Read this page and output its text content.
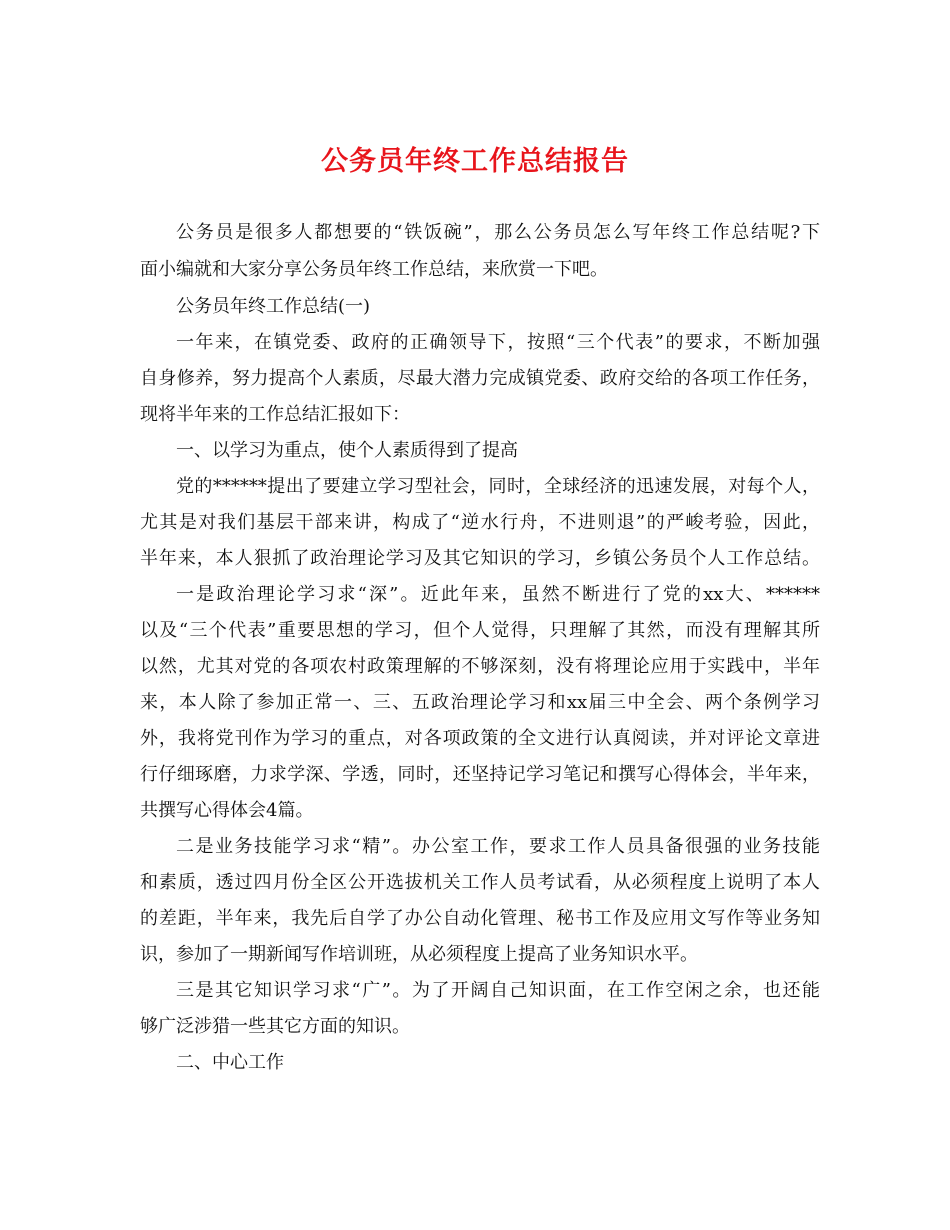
公务员年终工作总结报告
公务员是很多人都想要的“铁饭碗”，那么公务员怎么写年终工作总结呢?下
面小编就和大家分享公务员年终工作总结，来欣赏一下吧。
公务员年终工作总结(一)
一年来，在镇党委、政府的正确领导下，按照“三个代表”的要求，不断加强
自身修养，努力提高个人素质，尽最大潜力完成镇党委、政府交给的各项工作任务，
现将半年来的工作总结汇报如下：
一、以学习为重点，使个人素质得到了提高
党的******提出了要建立学习型社会，同时，全球经济的迅速发展，对每个人，
尤其是对我们基层干部来讲，构成了“逆水行舟，不进则退”的严峻考验，因此，
半年来，本人狠抓了政治理论学习及其它知识的学习，乡镇公务员个人工作总结。
一是政治理论学习求“深”。近此年来，虽然不断进行了党的xx大、******
以及“三个代表”重要思想的学习，但个人觉得，只理解了其然，而没有理解其所
以然，尤其对党的各项农村政策理解的不够深刻，没有将理论应用于实践中，半年
来，本人除了参加正常一、三、五政治理论学习和xx届三中全会、两个条例学习
外，我将党刊作为学习的重点，对各项政策的全文进行认真阅读，并对评论文章进
行仔细琢磨，力求学深、学透，同时，还坚持记学习笔记和撰写心得体会，半年来，
共撰写心得体会4篇。
二是业务技能学习求“精”。办公室工作，要求工作人员具备很强的业务技能
和素质，透过四月份全区公开选拔机关工作人员考试看，从必须程度上说明了本人
的差距，半年来，我先后自学了办公自动化管理、秘书工作及应用文写作等业务知
识，参加了一期新闻写作培训班，从必须程度上提高了业务知识水平。
三是其它知识学习求“广”。为了开阔自己知识面，在工作空闲之余，也还能
够广泛涉猎一些其它方面的知识。
二、中心工作
